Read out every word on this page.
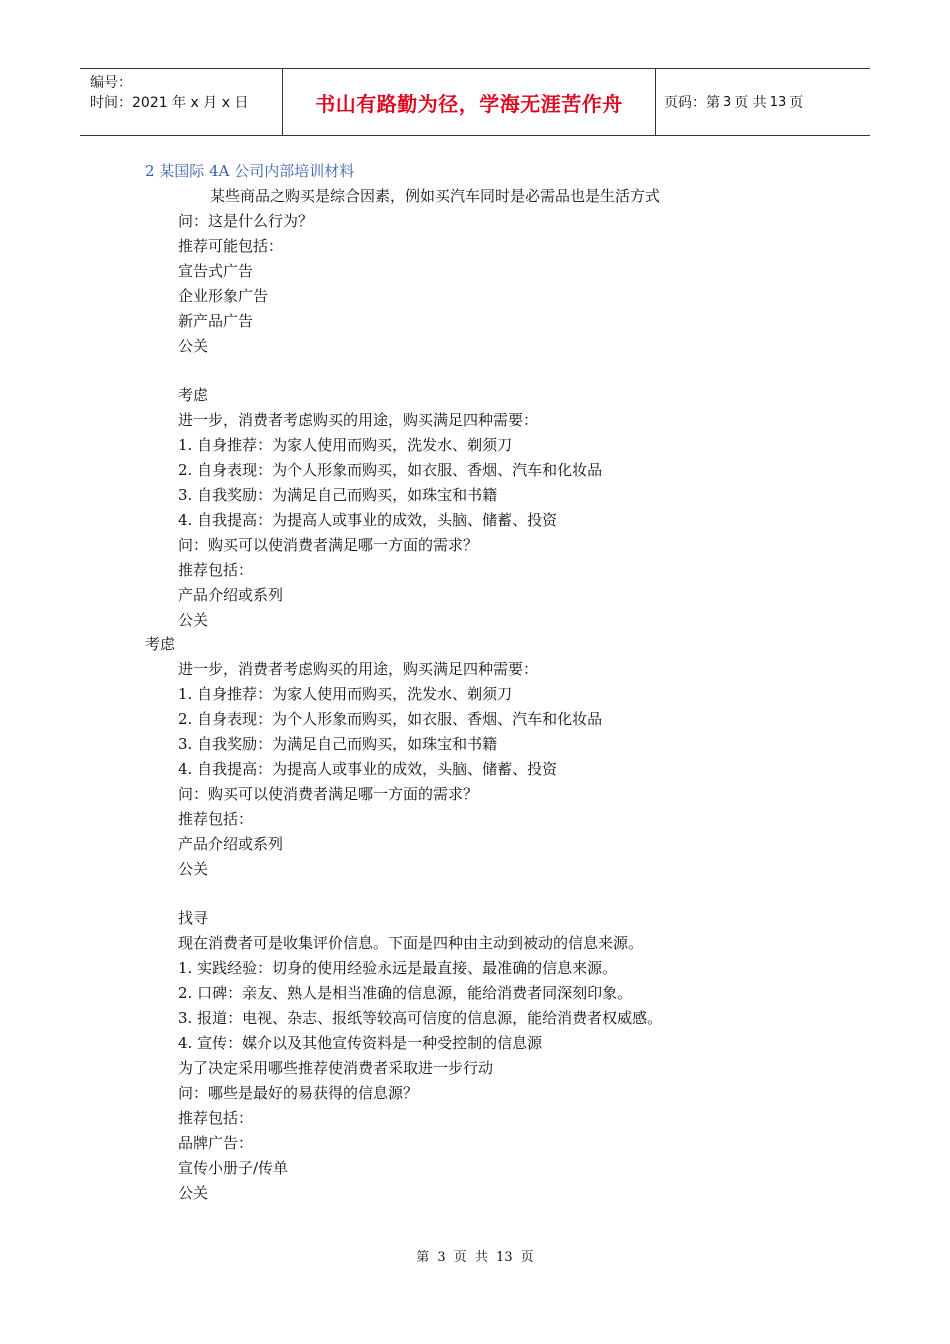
编号：
时间：2021 年 x 月 x 日	书山有路勤为径，学海无涯苦作舟	页码：第 3 页 共 13 页
2 某国际 4A 公司内部培训材料
某些商品之购买是综合因素，例如买汽车同时是必需品也是生活方式
问：这是什么行为？
推荐可能包括：
宣告式广告
企业形象广告
新产品广告
公关
考虑
进一步，消费者考虑购买的用途，购买满足四种需要：
1. 自身推荐：为家人使用而购买，洗发水、剃须刀
2. 自身表现：为个人形象而购买，如衣服、香烟、汽车和化妆品
3. 自我奖励：为满足自己而购买，如珠宝和书籍
4. 自我提高：为提高人或事业的成效，头脑、储蓄、投资
问：购买可以使消费者满足哪一方面的需求？
推荐包括：
产品介绍或系列
公关
考虑
进一步，消费者考虑购买的用途，购买满足四种需要：
1. 自身推荐：为家人使用而购买，洗发水、剃须刀
2. 自身表现：为个人形象而购买，如衣服、香烟、汽车和化妆品
3. 自我奖励：为满足自己而购买，如珠宝和书籍
4. 自我提高：为提高人或事业的成效，头脑、储蓄、投资
问：购买可以使消费者满足哪一方面的需求？
推荐包括：
产品介绍或系列
公关
找寻
现在消费者可是收集评价信息。下面是四种由主动到被动的信息来源。
1. 实践经验：切身的使用经验永远是最直接、最准确的信息来源。
2. 口碑：亲友、熟人是相当准确的信息源，能给消费者同深刻印象。
3. 报道：电视、杂志、报纸等较高可信度的信息源，能给消费者权威感。
4. 宣传：媒介以及其他宣传资料是一种受控制的信息源
为了决定采用哪些推荐使消费者采取进一步行动
问：哪些是最好的易获得的信息源？
推荐包括：
品牌广告：
宣传小册子/传单
公关
第 3 页 共 13 页
